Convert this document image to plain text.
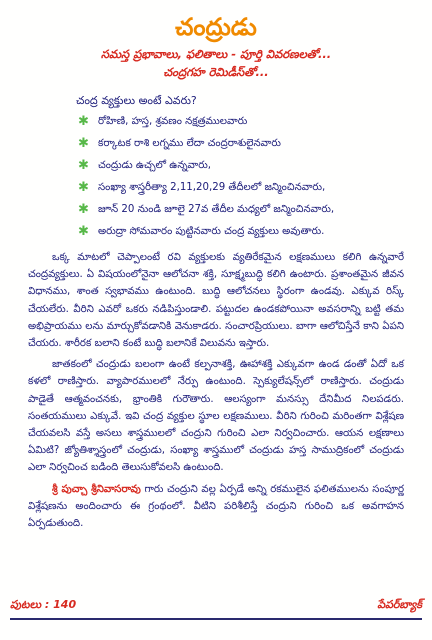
చంద్రుడు
సమస్త ప్రభావాలు, ఫలితాలు - పూర్తి వివరణలతో...
చంద్రగహ రెమిడీస్‌తో...
చంద్ర వ్యక్తులు అంటే ఎవరు?
✱ రోహిణి, హస్త, శ్రవణం నక్షత్రములవారు
✱ కర్కాటక రాశి లగ్నము లేదా చంద్రరాశులైనవారు
✱ చంద్రుడు ఉచ్చలో ఉన్నవారు,
✱ సంఖ్యా శాస్త్రరీత్యా 2,11,20,29 తేదీలలో జన్మించినవారు,
✱ జూన్ 20 నుండి జూలై 27వ తేదీల మధ్యలో జన్మించినవారు,
✱ అరుద్రా సోమవారం పుట్టినవారు చంద్ర వ్యక్తులు అవుతారు.

ఒక్క మాటలో చెప్పాలంటే రవి వ్యక్తులకు వ్యతిరేకమైన లక్షణములు కలిగి ఉన్నవారే చంద్రవ్యక్తులు. ఏ విషయంలోనైనా ఆలోచనా శక్తి, సూక్ష్మబుద్ధి కలిగి ఉంటారు. ప్రశాంతమైన జీవన విధానము, శాంత స్వభావము ఉంటుంది. బుద్ధి ఆలోచనలు స్థిరంగా ఉండవు. ఎక్కువ రిస్క్ చేయలేరు. వీరిని ఎవరో ఒకరు నడిపిస్తుండాలి. పట్టుదల ఉండకపోయినా అవసరాన్ని బట్టి తమ అభిప్రాయము లను మార్చుకోవడానికి వెనుకాడరు. సంచారప్రియులు. బాగా ఆలోచిస్తేనే కాని ఏపని చేయరు. శారీరక బలాని కంటే బుద్ధి బలానికే విలువను ఇస్తారు.

జాతకంలో చంద్రుడు బలంగా ఉంటే కల్పనాశక్తి, ఊహాశక్తి ఎక్కువగా ఉండ డంతో ఏదో ఒక కళలో రాణిస్తారు. వ్యాపారములలో నేర్పు ఉంటుంది. స్పెక్యులేషన్స్‌లో రాణిస్తారు. చంద్రుడు పాడైతే ఆత్మవంచనకు, భ్రాంతికి గురౌతారు. ఆలస్యంగా మనస్సు దేనిమీద నిలపడరు. సంతయములు ఎక్కువే. ఇవి చంద్ర వ్యక్తుల స్థూల లక్షణములు. వీరిని గురించి మరింతగా విశ్లేషణ చేయవలసి వస్తే అసలు శాస్త్రములలో చంద్రుని గురించి ఎలా నిర్వచించారు. ఆయన లక్షణాలు ఏమిటి? జ్యోతిశ్శాస్త్రంలో చంద్రుడు, సంఖ్యా శాస్త్రములో చంద్రుడు హస్త సాముద్రికంలో చంద్రుడు ఎలా నిర్వచించ బడింది తెలుసుకోవలసి ఉంటుంది.

శ్రీ పుచ్చా శ్రీనివాసరావు గారు చంద్రుని వల్ల ఏర్పడే అన్ని రకములైన ఫలితములను సంపూర్ణ విశ్లేషణను అందించారు ఈ గ్రంథంలో. వీటిని పరిశీలిస్తే చంద్రుని గురించి ఒక అవగాహన ఏర్పడుతుంది.

పుటలు : 140	పేపర్‌బ్యాక్
